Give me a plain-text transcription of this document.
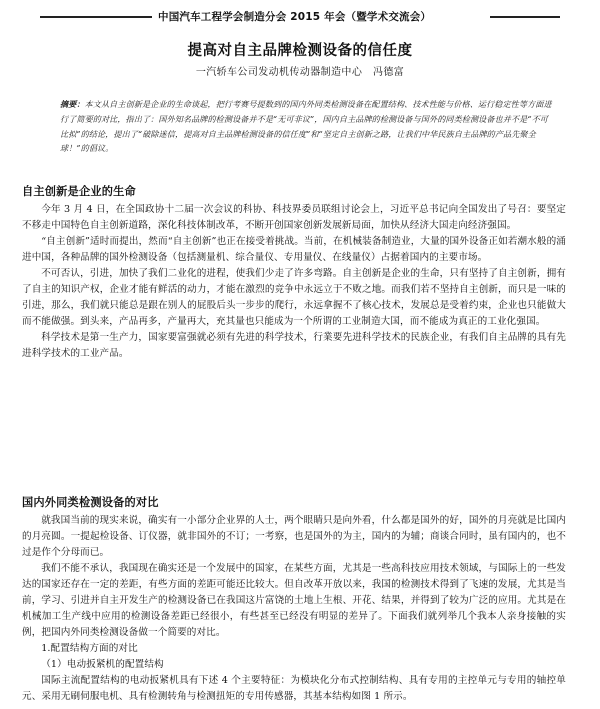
中国汽车工程学会制造分会 2015 年会（暨学术交流会）
提高对自主品牌检测设备的信任度
一汽轿车公司发动机传动器制造中心   冯德富
摘要：本文从自主创新是企业的生命谈起，把行考赛号提数到的国内外同类检测设备在配置结构、技术性能与价格、运行稳定性等方面进行了简要的对比，指出了：国外知名品牌的检测设备并不是“无可非议”，国内自主品牌的检测设备与国外的同类检测设备也并不是“不可比拟”的结论，提出了“破除迷信，提高对自主品牌检测设备的信任度”和“坚定自主创新之路，让我们中华民族自主品牌的产品先聚全球！”的倡议。
自主创新是企业的生命

今年 3 月 4 日，在全国政协十二届一次会议的科协、科技界委员联组讨论会上，习近平总书记向全国发出了号召：要坚定不移走中国特色自主创新道路，深化科技体制改革，不断开创国家创新发展新局面，加快从经济大国走向经济强国。

“自主创新”适时而提出，然而“自主创新”也正在接受着挑战。当前，在机械装备制造业，大量的国外设备正如若潮水般的涌进中国，各种品牌的国外检测设备（包括测量机、综合量仪、专用量仪、在线量仪）占据着国内的主要市场。

不可否认，引进，加快了我们二业化的进程，使我们少走了许多弯路。自主创新是企业的生命，只有坚持了自主创新，拥有了自主的知识产权，企业才能有鲜活的动力，才能在激烈的竞争中永远立于不败之地。而我们若不坚持自主创新，而只是一味的引进，那么，我们就只能总是跟在别人的屁股后头一步步的爬行，永远拿握不了核心技术，发展总是受着约束，企业也只能做大而不能做强。到头来，产品再多，产量再大，充其量也只能成为一个所谓的工业制造大国，而不能成为真正的工业化强国。

科学技术是第一生产力，国家要富强就必须有先进的科学技术，行業要先进科学技术的民族企业，有我们自主品牌的具有先进科学技术的工业产品。

国内外同类检测设备的对比

就我国当前的现实来说，确实有一小部分企业界的人士，两个眼睛只是向外看，什么都是国外的好，国外的月亮就是比国内的月亮圆。一提起检设备、订仪器，就非国外的不订；一考察，也是国外的为主，国内的为辅；商谈合同时，虽有国内的，也不过是作个分母而已。

我们不能不承认，我国现在确实还是一个发展中的国家，在某些方面，尤其是一些高科技应用技术领域，与国际上的一些发达的国家还存在一定的差距，有些方面的差距可能还比较大。但自改革开放以来，我国的检测技术得到了飞速的发展，尤其是当前，学习、引进并自主开发生产的检测设备已在我国这片富饶的土地上生根、开花、结果，并得到了较为广泛的应用。尤其是在机械加工生产线中应用的检测设备差距已经很小，有些甚至已经没有明显的差异了。下面我们就列举几个我本人亲身接触的实例，把国内外同类检测设备做一个简要的对比。

1.配置结构方面的对比

（1）电动扳紧机的配置结构

国际主流配置结构的电动扳紧机具有下述 4 个主要特征：为模块化分布式控制结构、具有专用的主控单元与专用的轴控单元、采用无刷伺服电机、具有检测转角与检测扭矩的专用传感器，其基本结构如图 1 所示。
